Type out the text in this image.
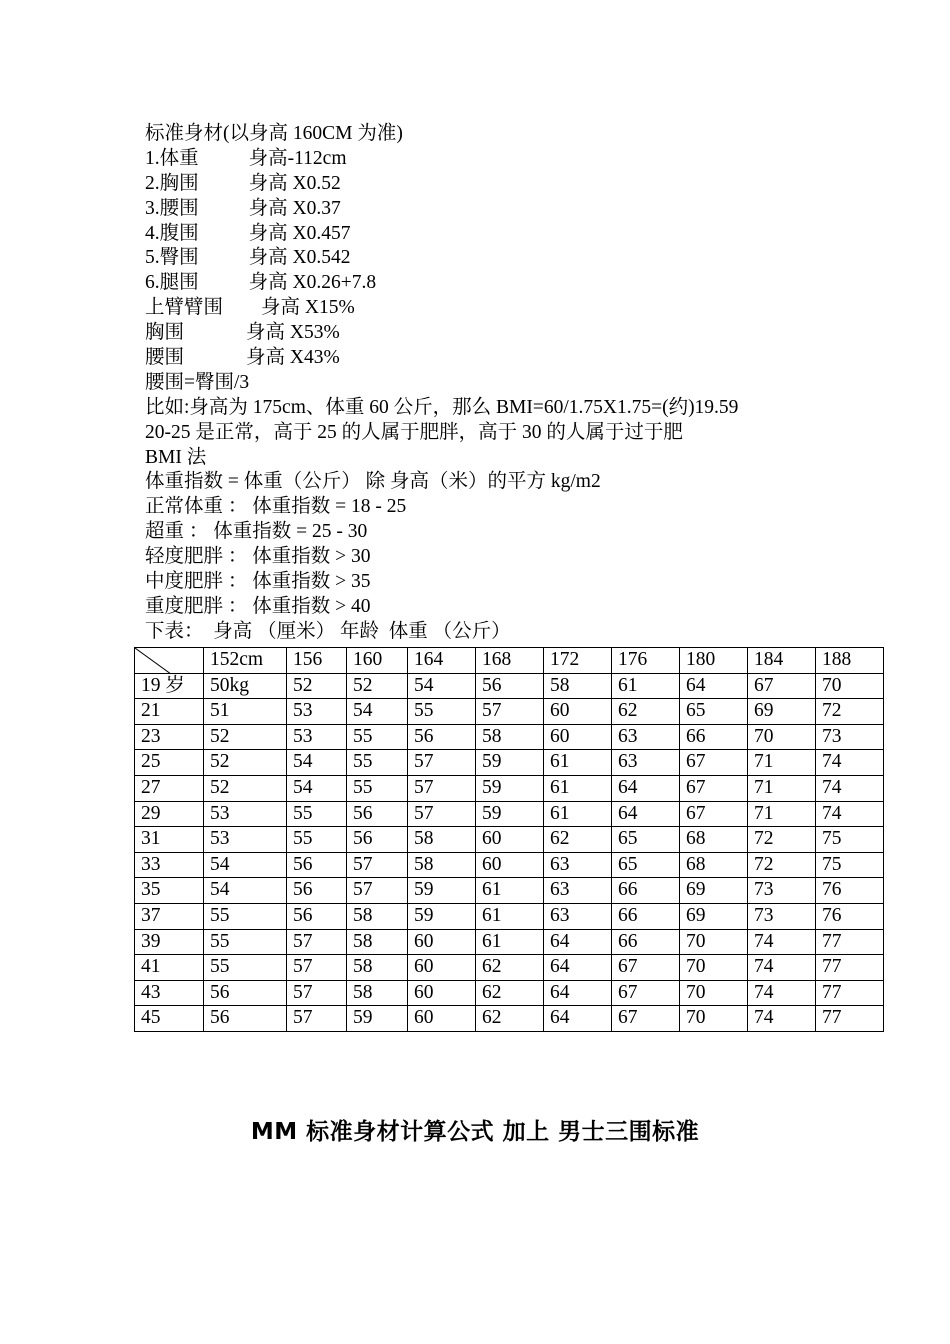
标准身材(以身高 160CM 为准)
1.体重	身高-112cm
2.胸围	身高 X0.52
3.腰围	身高 X0.37
4.腹围	身高 X0.457
5.臀围	身高 X0.542
6.腿围	身高 X0.26+7.8
上臂臂围 身高 X15%
胸围	身高 X53%
腰围	身高 X43%
腰围=臀围/3
比如:身高为 175cm、体重 60 公斤，那么 BMI=60/1.75X1.75=(约)19.59
20-25 是正常，高于 25 的人属于肥胖，高于 30 的人属于过于肥
BMI 法
体重指数 = 体重（公斤） 除 身高（米）的平方 kg/m2
正常体重 ： 体重指数 = 18 - 25
超重 ： 体重指数 = 25 - 30
轻度肥胖 ： 体重指数 > 30
中度肥胖 ： 体重指数 > 35
重度肥胖 ： 体重指数 > 40
下表：  身高 （厘米） 年龄  体重 （公斤）
	152cm	156	160	164	168	172	176	180	184	188
19 岁	50kg	52	52	54	56	58	61	64	67	70
21	51	53	54	55	57	60	62	65	69	72
23	52	53	55	56	58	60	63	66	70	73
25	52	54	55	57	59	61	63	67	71	74
27	52	54	55	57	59	61	64	67	71	74
29	53	55	56	57	59	61	64	67	71	74
31	53	55	56	58	60	62	65	68	72	75
33	54	56	57	58	60	63	65	68	72	75
35	54	56	57	59	61	63	66	69	73	76
37	55	56	58	59	61	63	66	69	73	76
39	55	57	58	60	61	64	66	70	74	77
41	55	57	58	60	62	64	67	70	74	77
43	56	57	58	60	62	64	67	70	74	77
45	56	57	59	60	62	64	67	70	74	77
MM 标准身材计算公式 加上 男士三围标准
